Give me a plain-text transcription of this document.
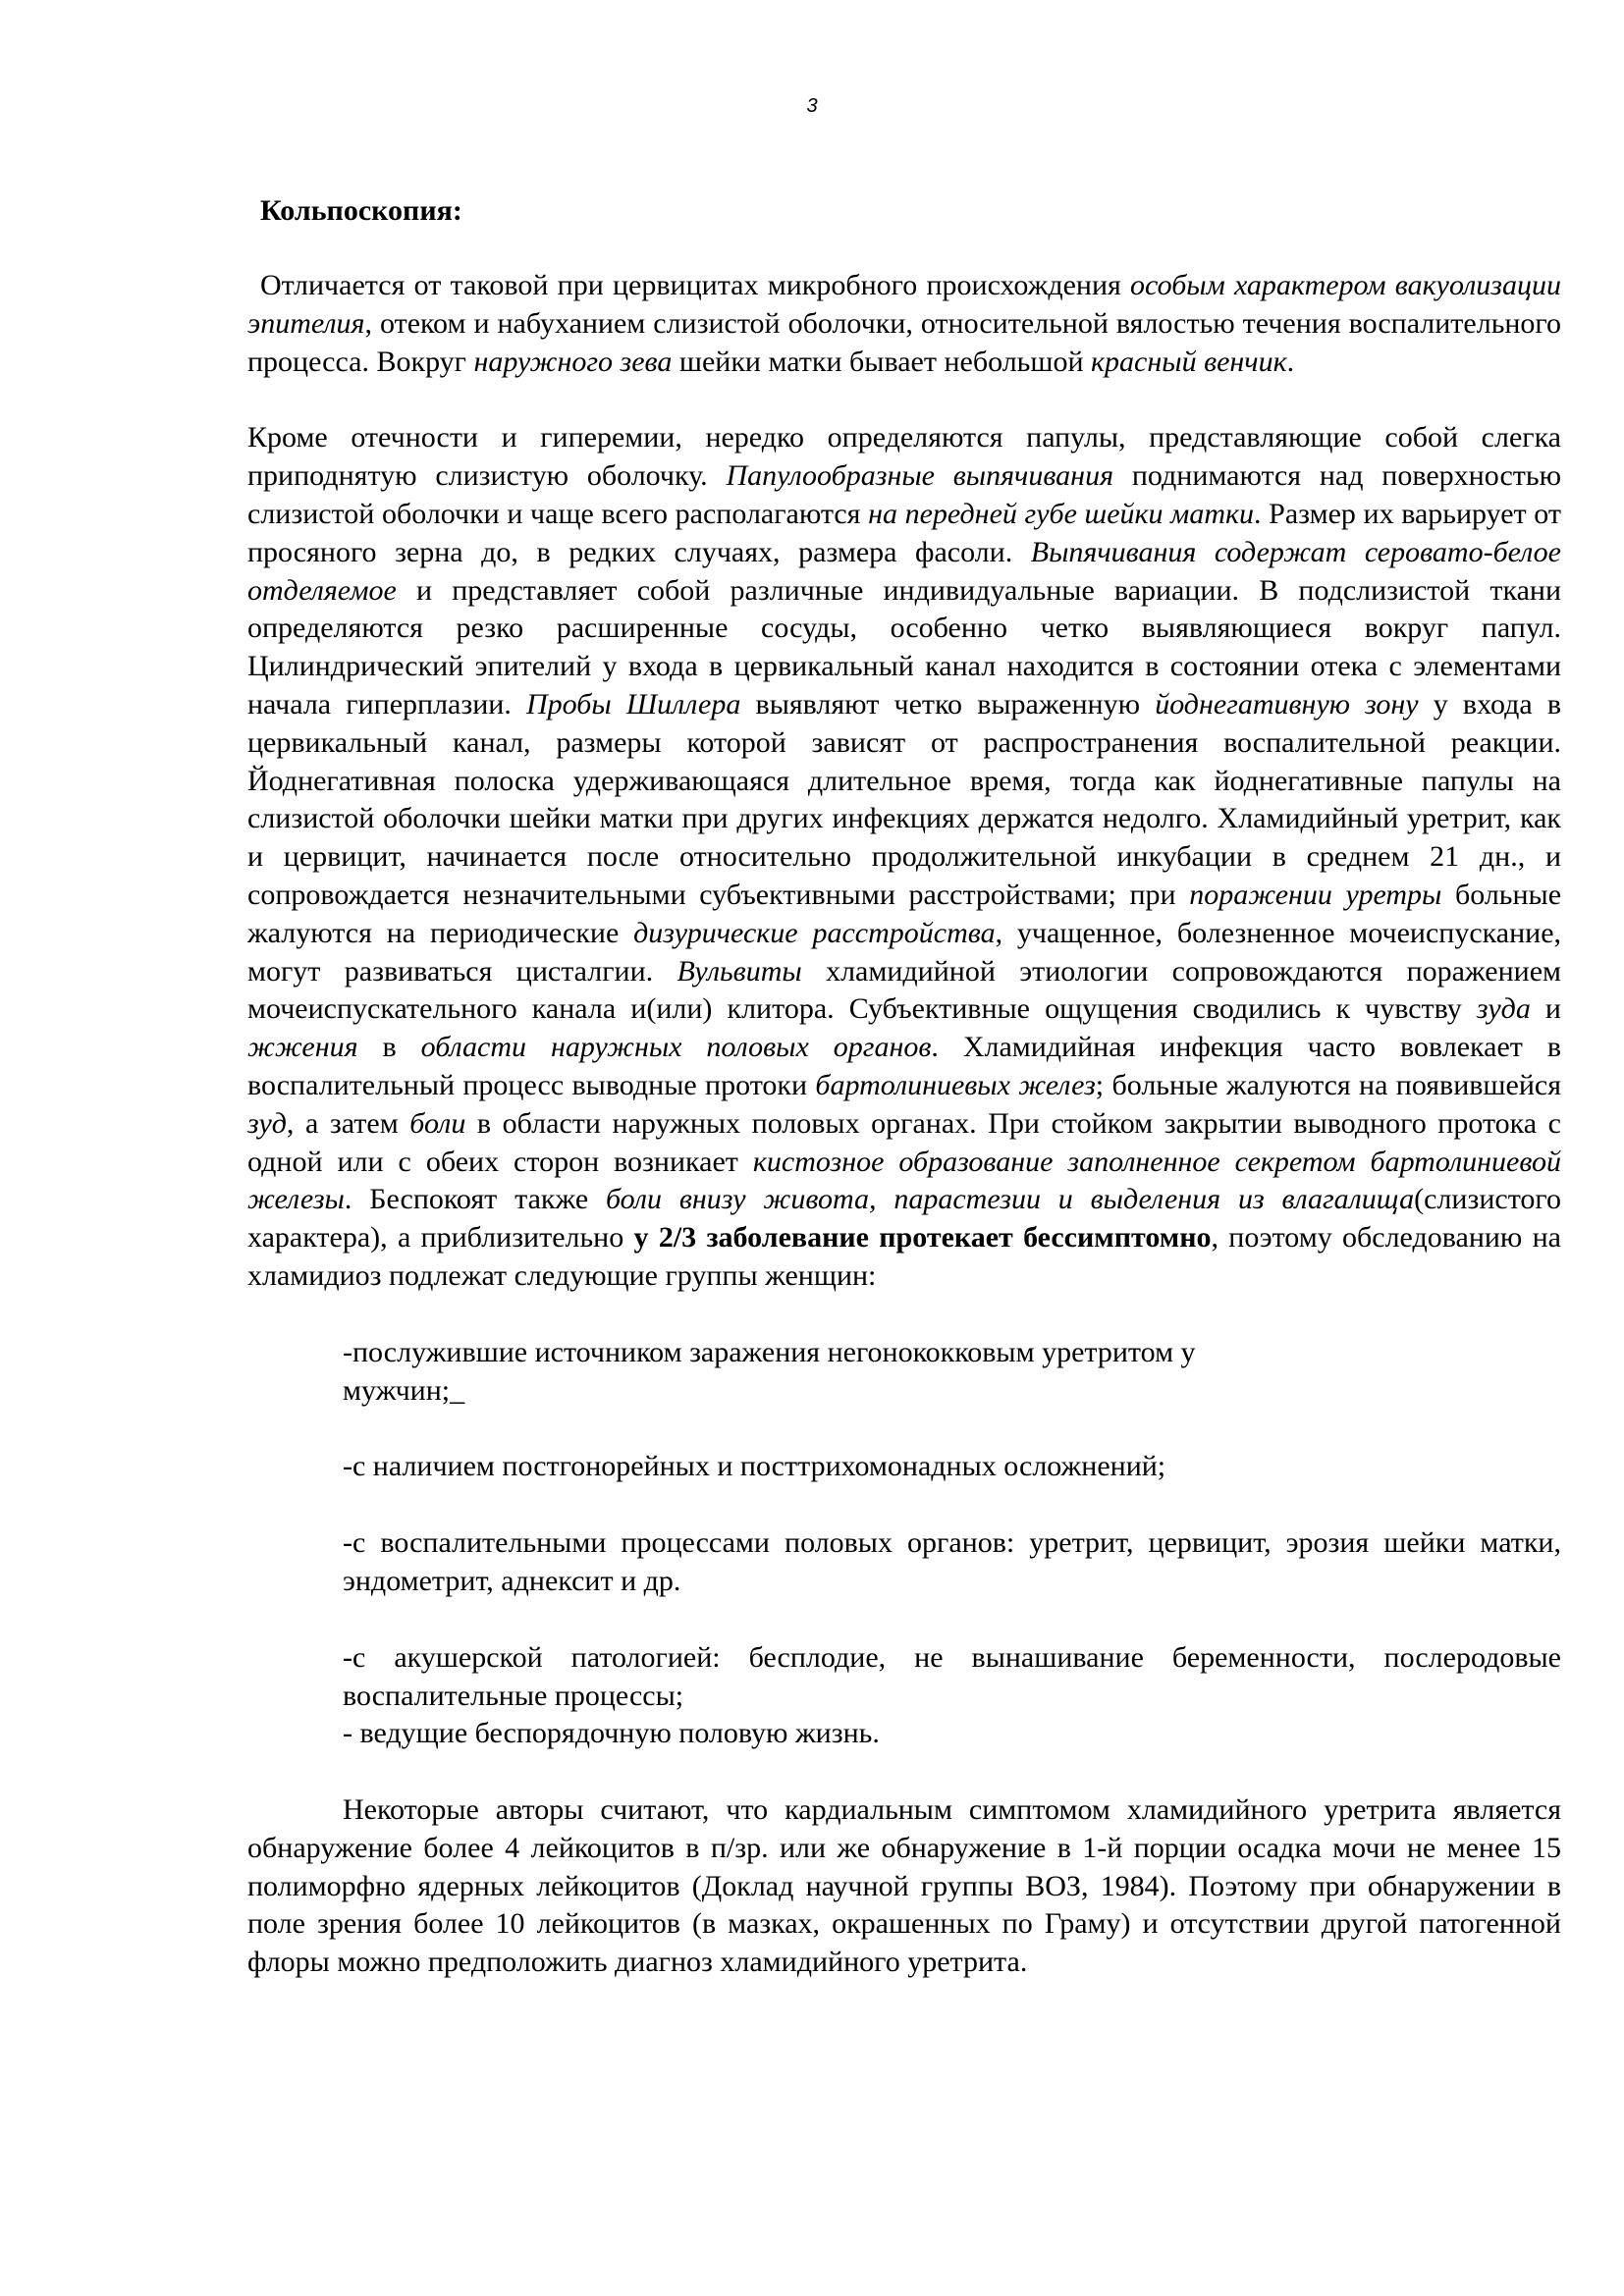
3
Кольпоскопия:

Отличается от таковой при цервицитах микробного происхождения особым характером вакуолизации эпителия, отеком и набуханием слизистой оболочки, относительной вялостью течения воспалительного процесса. Вокруг наружного зева шейки матки бывает небольшой красный венчик.

Кроме отечности и гиперемии, нередко определяются папулы, представляющие собой слегка приподнятую слизистую оболочку. Папулообразные выпячивания поднимаются над поверхностью слизистой оболочки и чаще всего располагаются на передней губе шейки матки. Размер их варьирует от просяного зерна до, в редких случаях, размера фасоли. Выпячивания содержат серовато-белое отделяемое и представляет собой различные индивидуальные вариации. В подслизистой ткани определяются резко расширенные сосуды, особенно четко выявляющиеся вокруг папул. Цилиндрический эпителий у входа в цервикальный канал находится в состоянии отека с элементами начала гиперплазии. Пробы Шиллера выявляют четко выраженную йоднегативную зону у входа в цервикальный канал, размеры которой зависят от распространения воспалительной реакции. Йоднегативная полоска удерживающаяся длительное время, тогда как йоднегативные папулы на слизистой оболочки шейки матки при других инфекциях держатся недолго. Хламидийный уретрит, как и цервицит, начинается после относительно продолжительной инкубации в среднем 21 дн., и сопровождается незначительными субъективными расстройствами; при поражении уретры больные жалуются на периодические дизурические расстройства, учащенное, болезненное мочеиспускание, могут развиваться цисталгии. Вульвиты хламидийной этиологии сопровождаются поражением мочеиспускательного канала и(или) клитора. Субъективные ощущения сводились к чувству зуда и жжения в области наружных половых органов. Хламидийная инфекция часто вовлекает в воспалительный процесс выводные протоки бартолиниевых желез; больные жалуются на появившейся зуд, а затем боли в области наружных половых органах. При стойком закрытии выводного протока с одной или с обеих сторон возникает кистозное образование заполненное секретом бартолиниевой железы. Беспокоят также боли внизу живота, парастезии и выделения из влагалища(слизистого характера), а приблизительно у 2/3 заболевание протекает бессимптомно, поэтому обследованию на хламидиоз подлежат следующие группы женщин:

-послужившие источником заражения негонококковым уретритом у мужчин;_

-с наличием постгонорейных и посттрихомонадных осложнений;

-с воспалительными процессами половых органов: уретрит, цервицит, эрозия шейки матки, эндометрит, аднексит и др.

-с акушерской патологией: бесплодие, не вынашивание беременности, послеродовые воспалительные процессы;

- ведущие беспорядочную половую жизнь.

Некоторые авторы считают, что кардиальным симптомом хламидийного уретрита является обнаружение более 4 лейкоцитов в п/зр. или же обнаружение в 1-й порции осадка мочи не менее 15 полиморфно ядерных лейкоцитов (Доклад научной группы ВОЗ, 1984). Поэтому при обнаружении в поле зрения более 10 лейкоцитов (в мазках, окрашенных по Граму) и отсутствии другой патогенной флоры можно предположить диагноз хламидийного уретрита.
